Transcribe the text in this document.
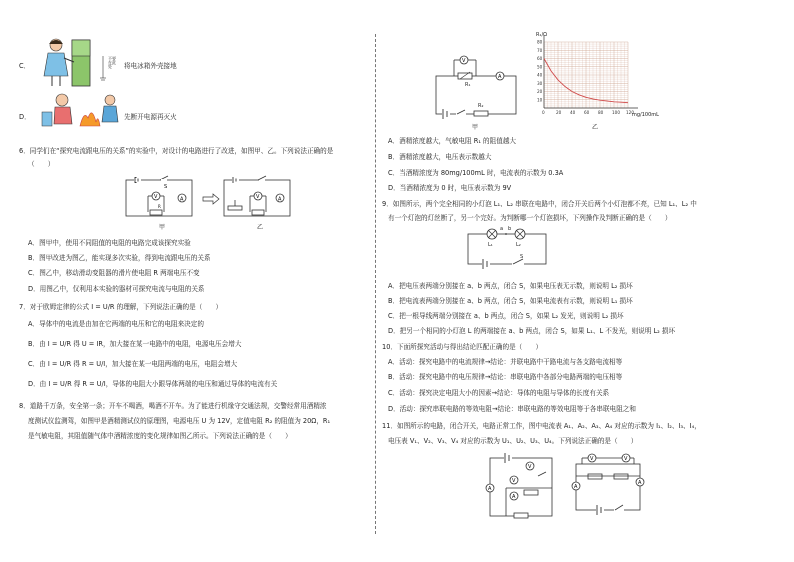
C．
不要在此处	将电冰箱外壳接地
D．	先断开电源再灭火
6．同学们在“探究电流跟电压的关系”的实验中，对设计的电路进行了改进，如图甲、乙。下列说法正确的是
（　　）
A
V
S
R
甲
A
V
乙
A．图甲中，使用不同阻值的电阻的电路完成该探究实验
B．图甲改进为图乙，能实现多次实验，得到电流跟电压的关系
C．图乙中，移动滑动变阻器的滑片使电阻 R 两端电压不变
D．用图乙中，仅利用本实验的器材可探究电流与电阻的关系
7．对于欧姆定律的公式 I = U/R 的理解，下列说法正确的是（　　）
A．导体中的电流是由加在它两端的电压和它的电阻来决定的
B．由 I = U/R 得 U = IR，加大接在某一电路中的电阻，电源电压会增大
C．由 I = U/R 得 R = U/I，加大接在某一电阻两端的电压，电阻会增大
D．由 I = U/R 得 R = U/I，导体的电阻大小跟导体两端的电压和通过导体的电流有关
8．道路千万条，安全第一条；开车不喝酒，喝酒不开车。为了能进行机缘守交通法规，交警经常用酒精浓
度测试仪监测驾，如图甲是酒精测试仪的原理图，电源电压 U 为 12V，定值电阻 R₂ 的阻值为 20Ω，R₁
是气敏电阻，其阻值随气体中酒精浓度的变化规律如图乙所示。下列说法正确的是（　　）
V
A
R₁
R₂
甲
0	20 40 60 80 100 120
10
20
30
40
50
60
70
80
R₁/Ω
mg/100mL
乙
A．酒精浓度越大，气敏电阻 R₁ 的阻值越大
B．酒精浓度越大，电压表示数越大
C．当酒精浓度为 80mg/100mL 时，电流表的示数为 0.3A
D．当酒精浓度为 0 时，电压表示数为 9V
9．如图所示，两个完全相同的小灯泡 L₁、L₂ 串联在电路中，闭合开关后两个小灯泡都不亮，已知 L₁、L₂ 中
有一个灯泡的灯丝断了，另一个完好。为判断哪一个灯泡损坏，下列操作及判断正确的是（　　）
L₁	L₂
a b
S
A．把电压表两端分别接在 a、b 两点，闭合 S，如果电压表无示数，则说明 L₂ 损坏
B．把电流表两端分别接在 a、b 两点，闭合 S，如果电流表有示数，则说明 L₁ 损坏
C．把一根导线两端分别接在 a、b 两点，闭合 S，如果 L₂ 发光，则说明 L₂ 损坏
D．把另一个相同的小灯泡 L 的两端接在 a、b 两点，闭合 S，如果 L₁、L 不发光，则说明 L₂ 损坏
10．下面所探究活动与得出结论匹配正确的是（　　）
A．活动：探究电路中的电流规律→结论：并联电路中干路电流与各支路电流相等
B．活动：探究电路中的电压规律→结论：串联电路中各部分电路两端的电压相等
C．活动：探究决定电阻大小的因素→结论：导体的电阻与导体的长度有关系
D．活动：探究串联电路的等效电阻→结论：串联电路的等效电阻等于各串联电阻之和
11．如图所示的电路，闭合开关，电路正常工作，图中电流表 A₁、A₂、A₃、A₄ 对应的示数为 I₁、I₂、I₃、I₄，
电压表 V₁、V₂、V₃、V₄ 对应的示数为 U₁、U₂、U₃、U₄。下列说法正确的是（　　）
A
V
A
V
V	V
A
A
